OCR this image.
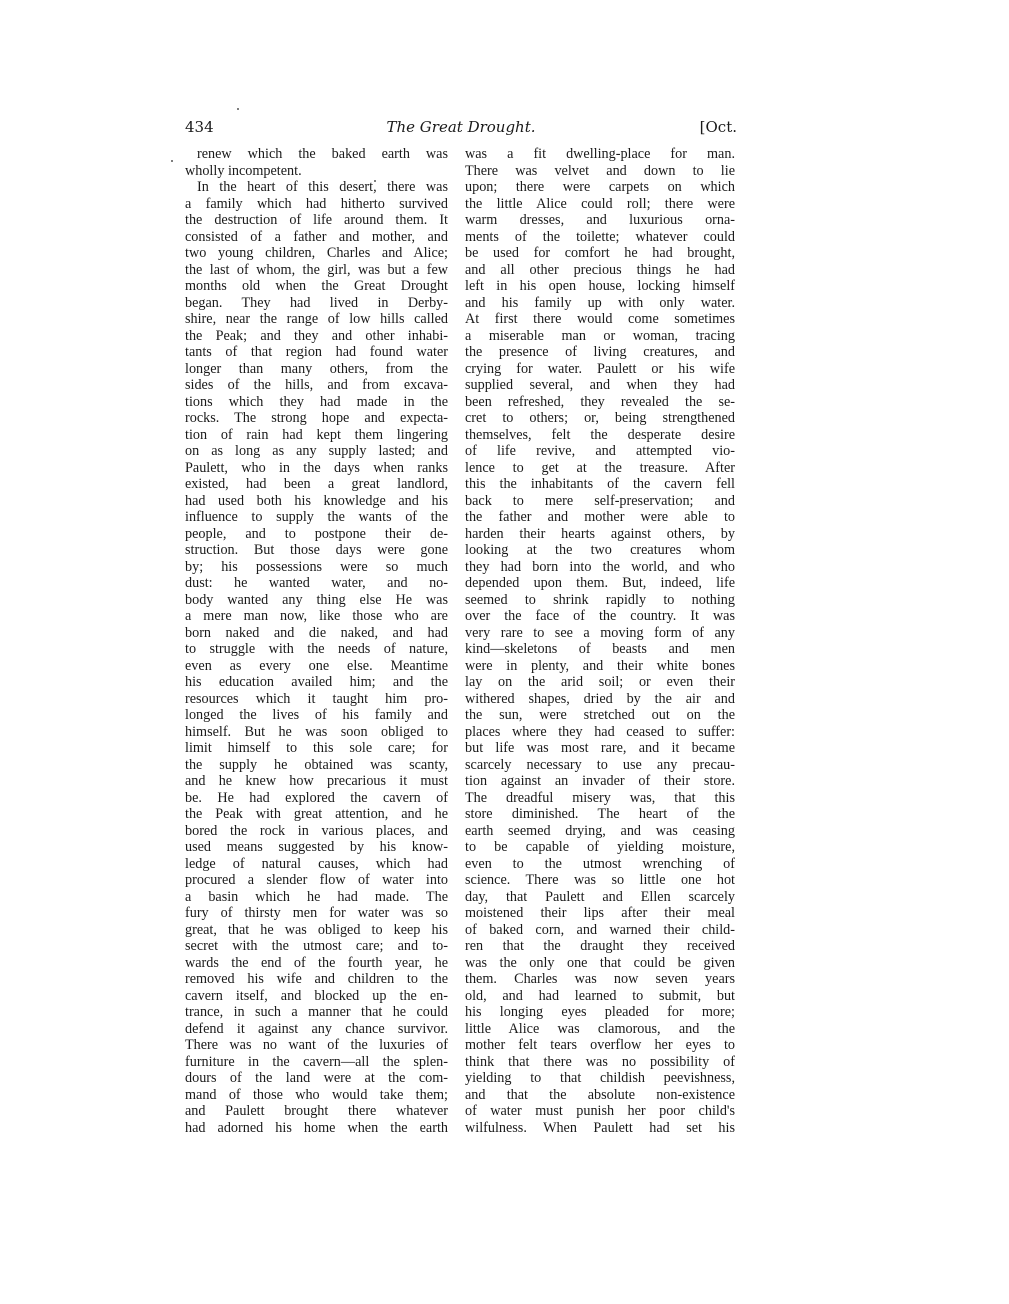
434	The Great Drought.	[Oct.
renew which the baked earth was
wholly incompetent.
In the heart of this desert, there was
a family which had hitherto survived
the destruction of life around them. It
consisted of a father and mother, and
two young children, Charles and Alice;
the last of whom, the girl, was but a few
months old when the Great Drought
began. They had lived in Derby-
shire, near the range of low hills called
the Peak; and they and other inhabi-
tants of that region had found water
longer than many others, from the
sides of the hills, and from excava-
tions which they had made in the
rocks. The strong hope and expecta-
tion of rain had kept them lingering
on as long as any supply lasted; and
Paulett, who in the days when ranks
existed, had been a great landlord,
had used both his knowledge and his
influence to supply the wants of the
people, and to postpone their de-
struction. But those days were gone
by; his possessions were so much
dust: he wanted water, and no-
body wanted any thing else He was
a mere man now, like those who are
born naked and die naked, and had
to struggle with the needs of nature,
even as every one else. Meantime
his education availed him; and the
resources which it taught him pro-
longed the lives of his family and
himself. But he was soon obliged to
limit himself to this sole care; for
the supply he obtained was scanty,
and he knew how precarious it must
be. He had explored the cavern of
the Peak with great attention, and he
bored the rock in various places, and
used means suggested by his know-
ledge of natural causes, which had
procured a slender flow of water into
a basin which he had made. The
fury of thirsty men for water was so
great, that he was obliged to keep his
secret with the utmost care; and to-
wards the end of the fourth year, he
removed his wife and children to the
cavern itself, and blocked up the en-
trance, in such a manner that he could
defend it against any chance survivor.
There was no want of the luxuries of
furniture in the cavern—all the splen-
dours of the land were at the com-
mand of those who would take them;
and Paulett brought there whatever
had adorned his home when the earth
was a fit dwelling-place for man.
There was velvet and down to lie
upon; there were carpets on which
the little Alice could roll; there were
warm dresses, and luxurious orna-
ments of the toilette; whatever could
be used for comfort he had brought,
and all other precious things he had
left in his open house, locking himself
and his family up with only water.
At first there would come sometimes
a miserable man or woman, tracing
the presence of living creatures, and
crying for water. Paulett or his wife
supplied several, and when they had
been refreshed, they revealed the se-
cret to others; or, being strengthened
themselves, felt the desperate desire
of life revive, and attempted vio-
lence to get at the treasure. After
this the inhabitants of the cavern fell
back to mere self-preservation; and
the father and mother were able to
harden their hearts against others, by
looking at the two creatures whom
they had born into the world, and who
depended upon them. But, indeed, life
seemed to shrink rapidly to nothing
over the face of the country. It was
very rare to see a moving form of any
kind—skeletons of beasts and men
were in plenty, and their white bones
lay on the arid soil; or even their
withered shapes, dried by the air and
the sun, were stretched out on the
places where they had ceased to suffer:
but life was most rare, and it became
scarcely necessary to use any precau-
tion against an invader of their store.
The dreadful misery was, that this
store diminished. The heart of the
earth seemed drying, and was ceasing
to be capable of yielding moisture,
even to the utmost wrenching of
science. There was so little one hot
day, that Paulett and Ellen scarcely
moistened their lips after their meal
of baked corn, and warned their child-
ren that the draught they received
was the only one that could be given
them. Charles was now seven years
old, and had learned to submit, but
his longing eyes pleaded for more;
little Alice was clamorous, and the
mother felt tears overflow her eyes to
think that there was no possibility of
yielding to that childish peevishness,
and that the absolute non-existence
of water must punish her poor child's
wilfulness. When Paulett had set his
